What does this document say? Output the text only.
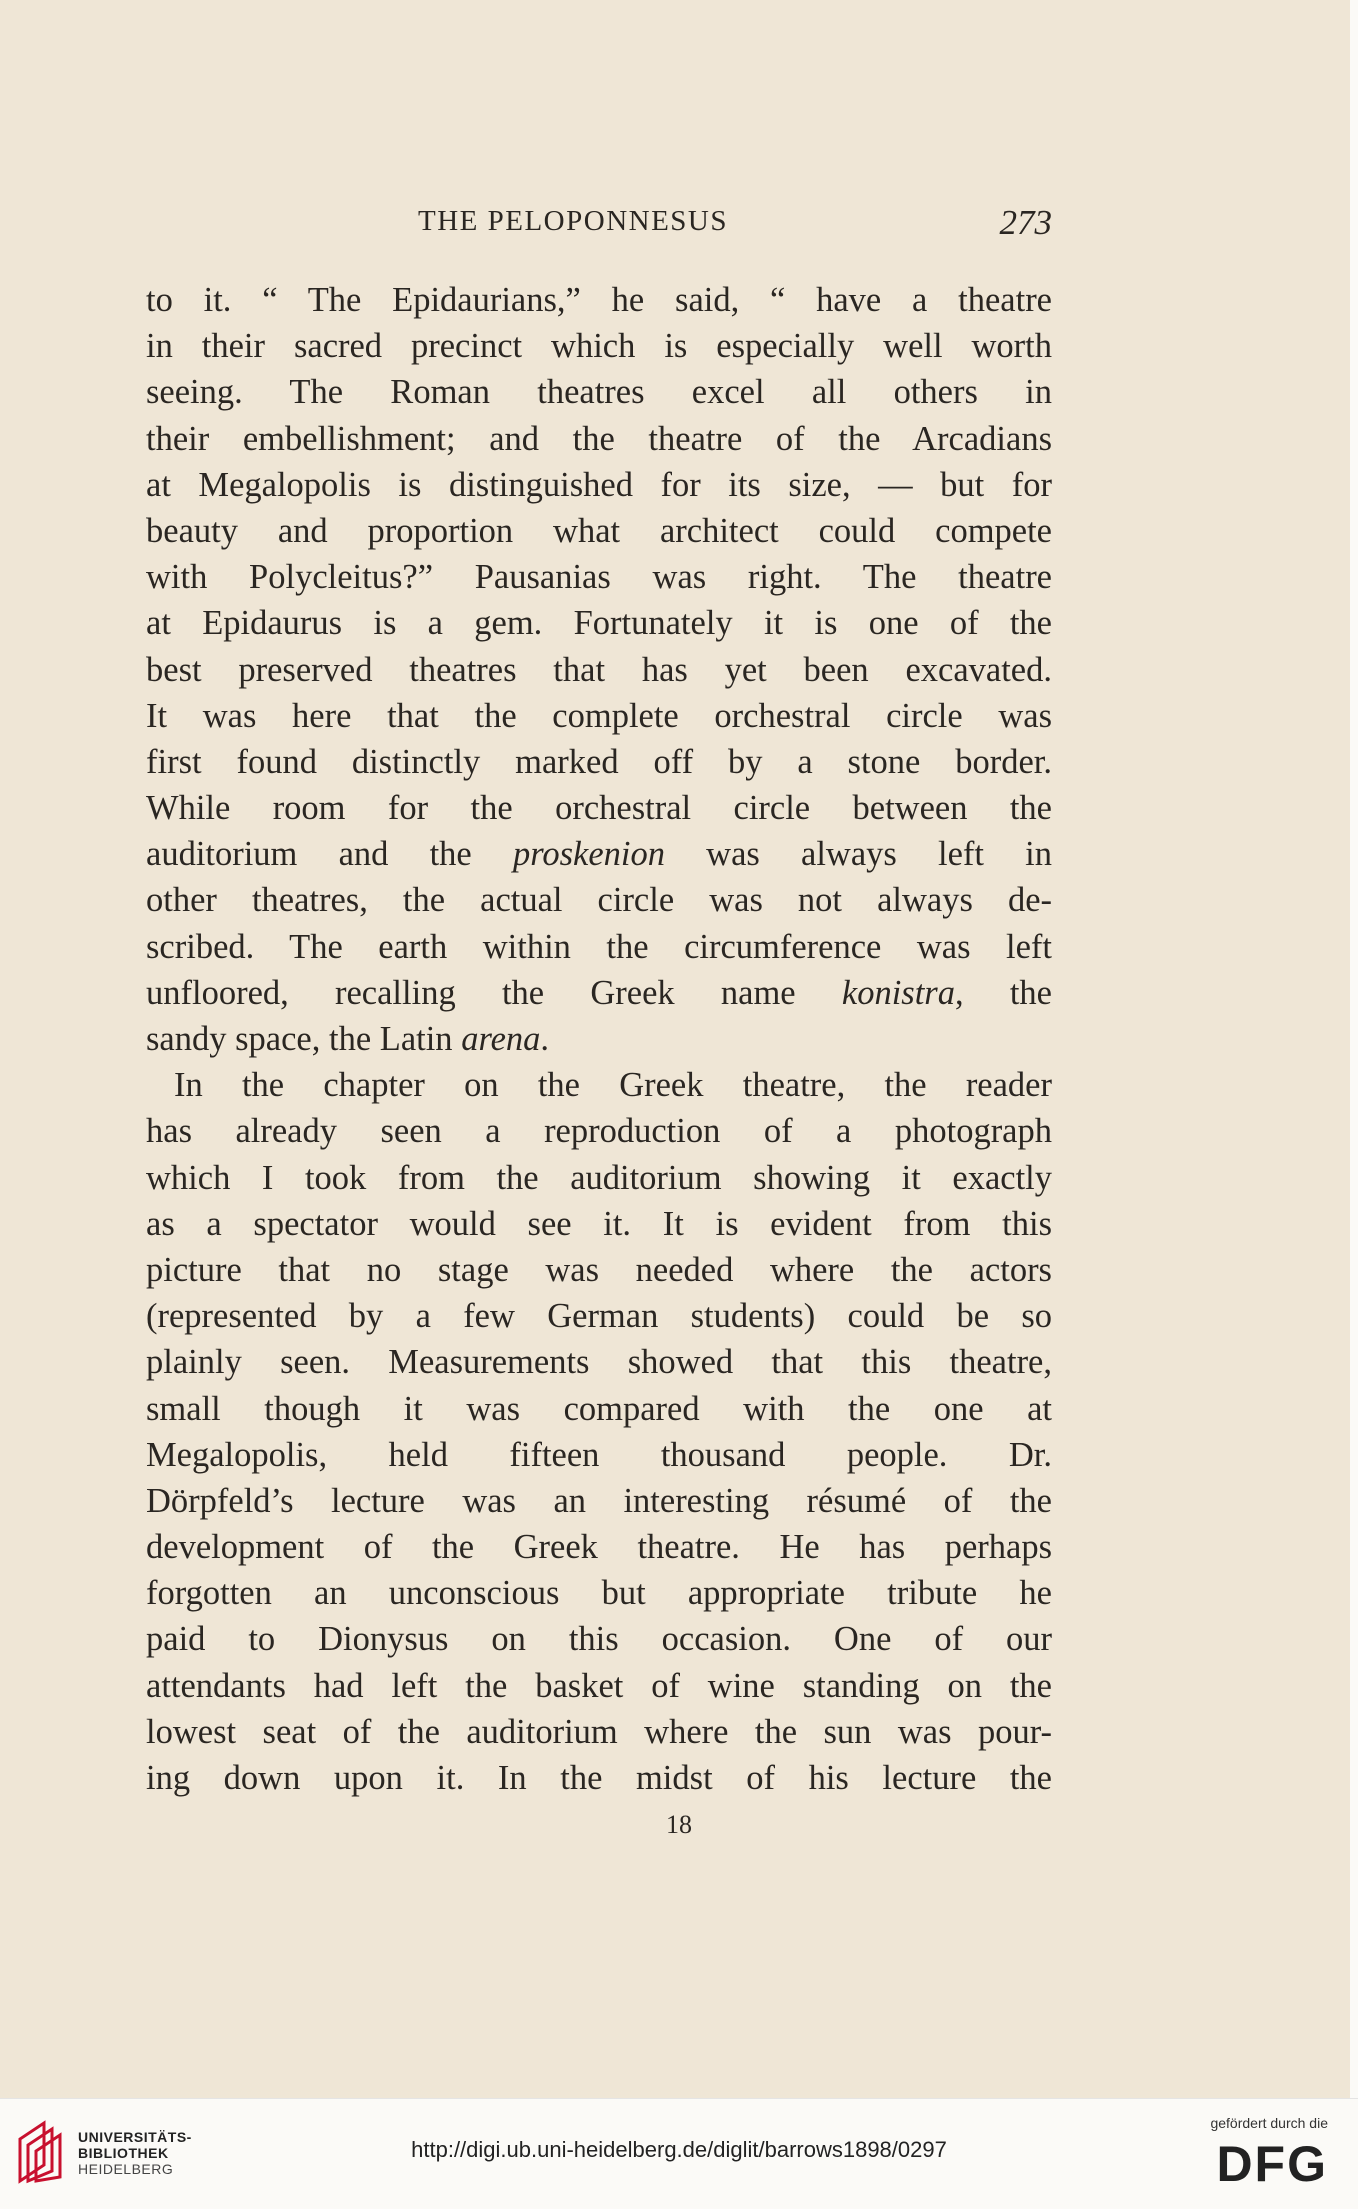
THE PELOPONNESUS	273
to it. “ The Epidaurians,” he said, “ have a theatre
in their sacred precinct which is especially well worth
seeing. The Roman theatres excel all others in
their embellishment; and the theatre of the Arcadians
at Megalopolis is distinguished for its size, — but for
beauty and proportion what architect could compete
with Polycleitus?” Pausanias was right. The theatre
at Epidaurus is a gem. Fortunately it is one of the
best preserved theatres that has yet been excavated.
It was here that the complete orchestral circle was
first found distinctly marked off by a stone border.
While room for the orchestral circle between the
auditorium and the proskenion was always left in
other theatres, the actual circle was not always de-
scribed. The earth within the circumference was left
unfloored, recalling the Greek name konistra, the
sandy space, the Latin arena.
In the chapter on the Greek theatre, the reader
has already seen a reproduction of a photograph
which I took from the auditorium showing it exactly
as a spectator would see it. It is evident from this
picture that no stage was needed where the actors
(represented by a few German students) could be so
plainly seen. Measurements showed that this theatre,
small though it was compared with the one at
Megalopolis, held fifteen thousand people. Dr.
Dörpfeld’s lecture was an interesting résumé of the
development of the Greek theatre. He has perhaps
forgotten an unconscious but appropriate tribute he
paid to Dionysus on this occasion. One of our
attendants had left the basket of wine standing on the
lowest seat of the auditorium where the sun was pour-
ing down upon it. In the midst of his lecture the
18
UNIVERSITÄTS-
BIBLIOTHEK
HEIDELBERG
http://digi.ub.uni-heidelberg.de/diglit/barrows1898/0297
gefördert durch die
DFG
